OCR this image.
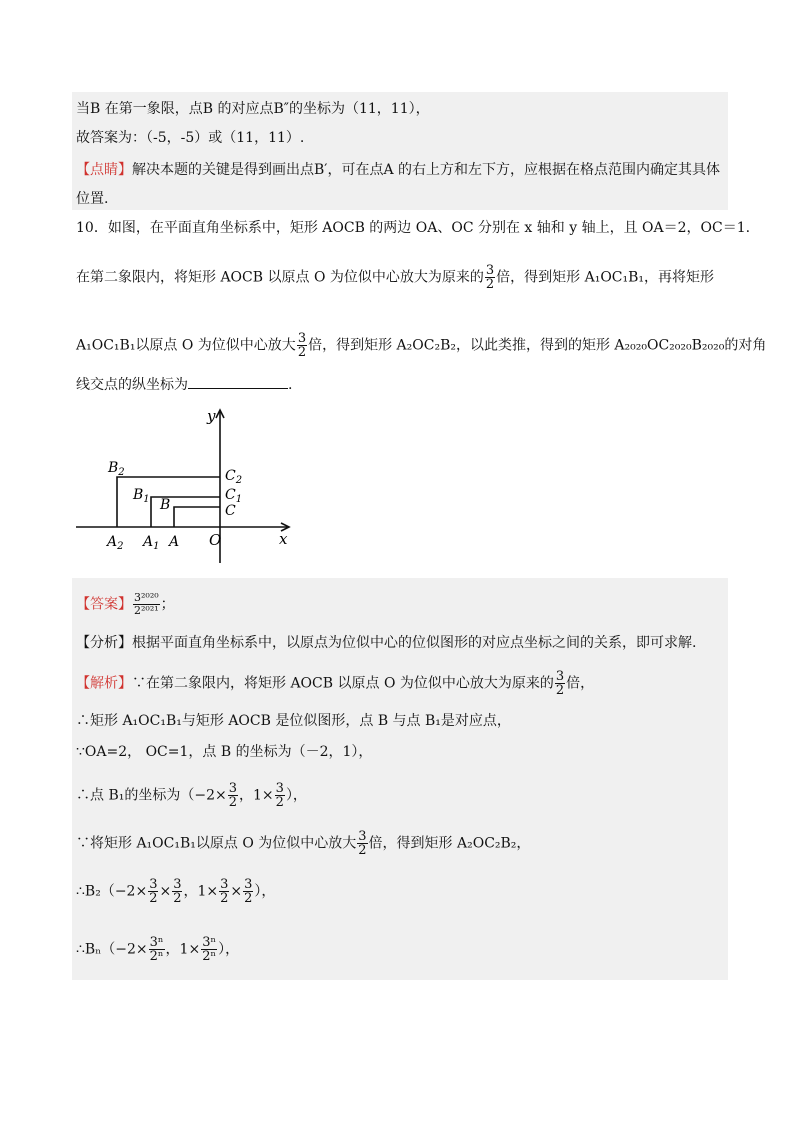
当B 在第一象限，点B 的对应点B″的坐标为（11，11），
故答案为：（-5，-5）或（11，11）.
【点睛】解决本题的关键是得到画出点B′，可在点A 的右上方和左下方，应根据在格点范围内确定其具体
位置.
10．如图，在平面直角坐标系中，矩形 AOCB 的两边 OA、OC 分别在 x 轴和 y 轴上，且 OA＝2，OC＝1.
在第二象限内，将矩形 AOCB 以原点 O 为位似中心放大为原来的 $\frac{3}{2}$ 倍，得到矩形 A₁OC₁B₁，再将矩形
A₁OC₁B₁以原点 O 为位似中心放大 $\frac{3}{2}$ 倍，得到矩形 A₂OC₂B₂，以此类推，得到的矩形 A₂₀₂₀OC₂₀₂₀B₂₀₂₀的对角
线交点的纵坐标为	.
y
x
O
$B_2$
$B_1$ B
$C_2$
$C_1$
C
$A_2$ $A_1$ A
【答案】 $\frac{\text{3²⁰²⁰}}{\text{2²⁰²¹}}$ ；
【分析】根据平面直角坐标系中，以原点为位似中心的位似图形的对应点坐标之间的关系，即可求解.
【解析】∵在第二象限内，将矩形 AOCB 以原点 O 为位似中心放大为原来的 $\frac{3}{2}$ 倍，
∴矩形 A₁OC₁B₁与矩形 AOCB 是位似图形，点 B 与点 B₁是对应点，
∵OA=2， OC=1，点 B 的坐标为（－2，1），
∴点 B₁的坐标为（$-2\times \frac{3}{2}$ ，$1\times \frac{3}{2}$ ），
∵将矩形 A₁OC₁B₁以原点 O 为位似中心放大 $\frac{3}{2}$ 倍，得到矩形 A₂OC₂B₂，
∴B₂（−2× $\frac{3}{2} \times \frac{3}{2}$ ，$1\times \frac{3}{2} \times \frac{3}{2}$ ），
∴Bₙ（−2× $\frac{\text{3ⁿ}}{\text{2ⁿ}}$ ，$1\times \frac{\text{3ⁿ}}{\text{2ⁿ}}$ ），
